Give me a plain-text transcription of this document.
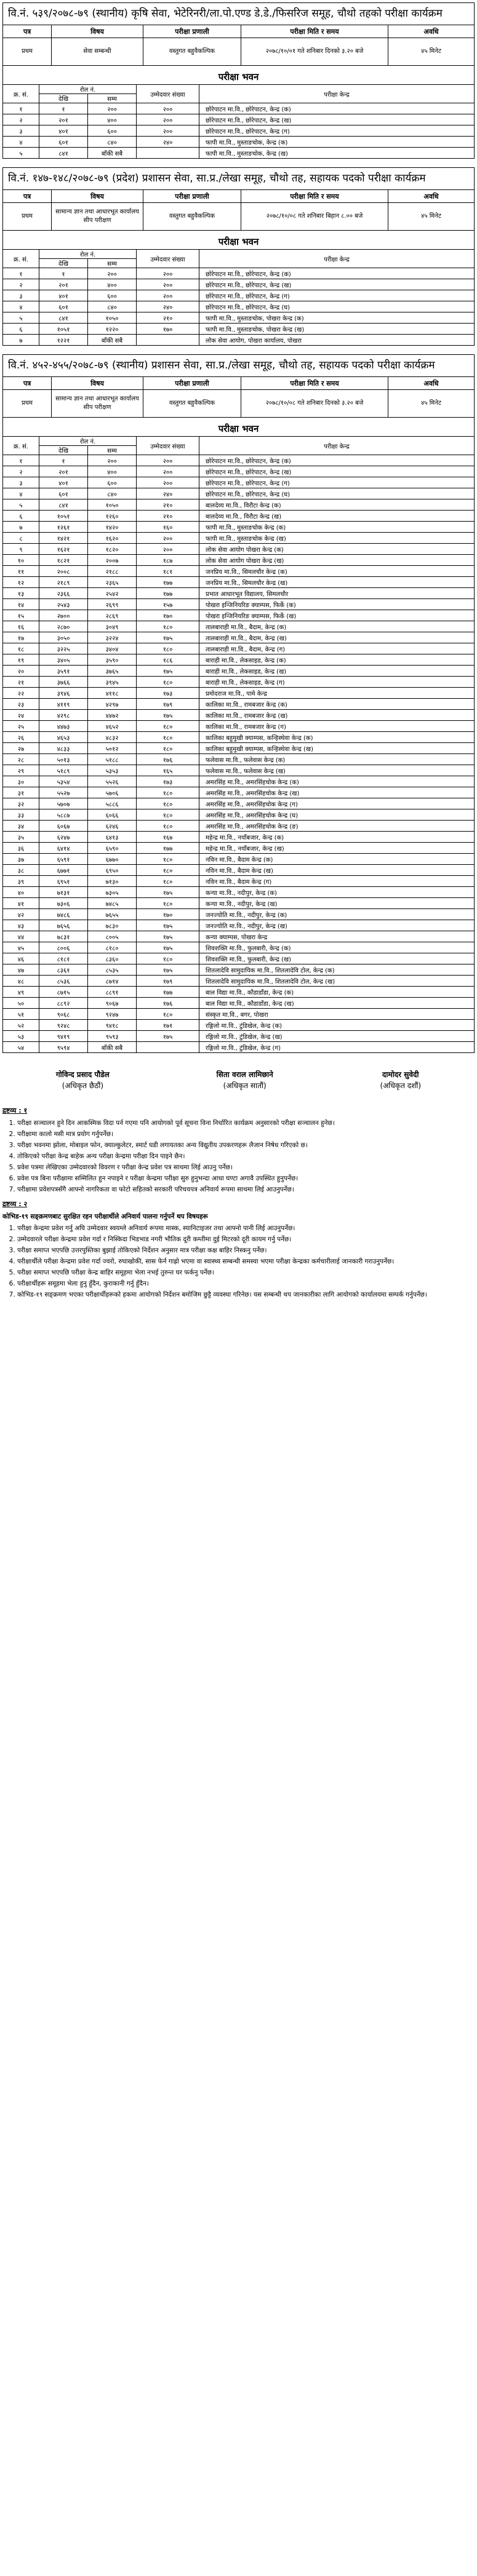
वि.नं. ५३९/२०७८-७९ (स्थानीय) कृषि सेवा, भेटेरिनरी/ला.पो.एण्ड डे.डे./फिसरिज समूह, चौथो तहको परीक्षा कार्यक्रम
पत्र	विषय	परीक्षा प्रणाली	परीक्षा मिति र समय	अवधि
प्रथम	सेवा सम्बन्धी	वस्तुगत बहुवैकल्पिक	२०७८/१०/०१ गते शनिबार दिनको ३.२० बजे	४५ मिनेट
परीक्षा भवन
क्र. सं.	रोल नं.		उम्मेदवार संख्या	परीक्षा केन्द्र
	देखि	सम्म		
१	१	२००	२००	छोरेपाटन मा.वि., छोरेपाटन, केन्द्र (क)
२	२०१	४००	२००	छोरेपाटन मा.वि., छोरेपाटन, केन्द्र (ख)
३	४०१	६००	२००	छोरेपाटन मा.वि., छोरेपाटन, केन्द्र (ग)
४	६०१	८४०	२४०	फापी मा.वि., मुस्ताङचोक, केन्द्र (क)
५	८४१	बाँकी सबै		फापी मा.वि., मुस्ताङचोक, केन्द्र (ख)
वि.नं. १४७-१४८/२०७८-७९ (प्रदेश) प्रशासन सेवा, सा.प्र./लेखा समूह, चौथो तह, सहायक पदको परीक्षा कार्यक्रम
पत्र	विषय	परीक्षा प्रणाली	परीक्षा मिति र समय	अवधि
प्रथम	सामान्य ज्ञान तथा आधारभूत कार्यालय सीप परीक्षण	वस्तुगत बहुवैकल्पिक	२०७८/१०/०८ गते शनिबार बिहान ८.०० बजे	४५ मिनेट
परीक्षा भवन
क्र. सं.	रोल नं.		उम्मेदवार संख्या	परीक्षा केन्द्र
	देखि	सम्म		
१	१	२००	२००	छोरेपाटन मा.वि., छोरेपाटन, केन्द्र (क)
२	२०१	४००	२००	छोरेपाटन मा.वि., छोरेपाटन, केन्द्र (ख)
३	४०१	६००	२००	छोरेपाटन मा.वि., छोरेपाटन, केन्द्र (ग)
४	६०१	८४०	२४०	छोरेपाटन मा.वि., छोरेपाटन, केन्द्र (घ)
५	८४१	१०५०	२१०	फापी मा.वि., मुस्ताङचोक, पोखरा केन्द्र (क)
६	१०५१	१२२०	१७०	फापी मा.वि., मुस्ताङचोक, पोखरा केन्द्र (ख)
७	१२२१	बाँकी सबै		लोक सेवा आयोग, पोखरा कार्यालय, पोखरा
वि.नं. ४५२-४५५/२०७८-७९ (स्थानीय) प्रशासन सेवा, सा.प्र./लेखा समूह, चौथो तह, सहायक पदको परीक्षा कार्यक्रम
पत्र	विषय	परीक्षा प्रणाली	परीक्षा मिति र समय	अवधि
प्रथम	सामान्य ज्ञान तथा आधारभूत कार्यालय सीप परीक्षण	वस्तुगत बहुवैकल्पिक	२०७८/१०/०८ गते शनिबार दिनको ३.२० बजे	४५ मिनेट
परीक्षा भवन
क्र. सं.	रोल नं.		उम्मेदवार संख्या	परीक्षा केन्द्र
	देखि	सम्म		
१	१	२००	२००	छोरेपाटन मा.वि., छोरेपाटन, केन्द्र (क)
२	२०१	४००	२००	छोरेपाटन मा.वि., छोरेपाटन, केन्द्र (ख)
३	४०१	६००	२००	छोरेपाटन मा.वि., छोरेपाटन, केन्द्र (ग)
४	६०१	८४०	२४०	छोरेपाटन मा.वि., छोरेपाटन, केन्द्र (घ)
५	८४१	१०५०	२१०	बालदेव्य मा.वि., विरौटा केन्द्र (क)
६	१०५१	१२६०	२१०	बालदेव्य मा.वि., विरौटा केन्द्र (ख)
७	१२६१	१४२०	१६०	फापी मा.वि., मुस्ताङचोक केन्द्र (क)
८	१४२१	१६२०	२००	फापी मा.वि., मुस्ताङचोक केन्द्र (ख)
९	१६२१	१८२०	२००	लोक सेवा आयोग पोखरा केन्द्र (क)
१०	१८२१	२००७	१८७	लोक सेवा आयोग पोखरा केन्द्र (ख)
११	२००८	२१८८	१८१	जनप्रिय मा.वि., सिमलचौर केन्द्र (क)
१२	२१८९	२३६५	१७७	जनप्रिय मा.वि., सिमलचौर केन्द्र (ख)
१३	२३६६	२५४२	१७७	प्रभात आधारभूत विद्यालय, सिमलचौर
१४	२५४३	२६९९	१५७	पोखरा इन्जिनियरिङ क्याम्पस, फिर्के (क)
१५	२७००	२८६९	१७०	पोखरा इन्जिनियरिङ क्याम्पस, फिर्के (ख)
१६	२८७०	३०४९	१८०	तालबाराही मा.वि., बैदाम, केन्द्र (क)
१७	३०५०	३२२४	१७५	तालबाराही मा.वि., बैदाम, केन्द्र (ख)
१८	३२२५	३४०४	१८०	तालबाराही मा.वि., बैदाम, केन्द्र (ग)
१९	३४०५	३५९०	१८६	बाराही मा.वि., लेकसाइड, केन्द्र (क)
२०	३५९१	३७६५	१७५	बाराही मा.वि., लेकसाइड, केन्द्र (ख)
२१	३७६६	३९४५	१८०	बाराही मा.वि., लेकसाइड, केन्द्र (ग)
२२	३९४६	४११८	१७३	प्रमोदराज मा.वि., पामे केन्द्र
२३	४११९	४२९७	१७९	कालिका मा.वि., रामबजार केन्द्र (क)
२४	४२९८	४४७२	१७५	कालिका मा.वि., रामबजार केन्द्र (ख)
२५	४४७३	४६५२	१८०	कालिका मा.वि., रामबजार केन्द्र (ग)
२६	४६५३	४८३२	१८०	कालिका बहुमुखी क्याम्पस, कन्हिस्थेवा केन्द्र (क)
२७	४८३३	५०१२	१८०	कालिका बहुमुखी क्याम्पस, कन्हिस्थेवा केन्द्र (ख)
२८	५०१३	५१८८	१७६	फलेवास मा.वि., फलेवास केन्द्र (क)
२९	५१८९	५३५३	१६५	फलेवास मा.वि., फलेवास केन्द्र (ख)
३०	५३५४	५५२६	१७३	अमरसिंह मा.वि., अमरसिंहचोक केन्द्र (क)
३१	५५२७	५७०६	१८०	अमरसिंह मा.वि., अमरसिंहचोक केन्द्र (ख)
३२	५७०७	५८८६	१८०	अमरसिंह मा.वि., अमरसिंहचोक केन्द्र (ग)
३३	५८८७	६०६६	१८०	अमरसिंह मा.वि., अमरसिंहचोक केन्द्र (घ)
३४	६०६७	६२४६	१८०	अमरसिंह मा.वि., अमरसिंहचोक केन्द्र (ङ)
३५	६२४७	६४१३	१६७	महेन्द्र मा.वि., नयाँबजार, केन्द्र (क)
३६	६४१४	६५९०	१७७	महेन्द्र मा.वि., नयाँबजार, केन्द्र (ख)
३७	६५९१	६७७०	१८०	नविन मा.वि., बैदाम केन्द्र (क)
३८	६७७१	६९५०	१८०	नविन मा.वि., बैदाम केन्द्र (ख)
३९	६९५१	७१३०	१८०	नविन मा.वि., बैदाम केन्द्र (ग)
४०	७१३१	७३०५	१७५	कन्या मा.वि., नदीपुर, केन्द्र (क)
४१	७३०६	७४८५	१८०	कन्या मा.वि., नदीपुर, केन्द्र (ख)
४२	७४८६	७६५५	१७०	जनज्योति मा.वि., नदीपुर, केन्द्र (क)
४३	७६५६	७८३०	१७५	जनज्योति मा.वि., नदीपुर, केन्द्र (ख)
४४	७८३१	८००५	१७५	कन्या क्याम्पस, पोखरा केन्द्र
४५	८००६	८१८०	१७५	शिवशक्ति मा.वि., फुलबारी, केन्द्र (क)
४६	८१८१	८३६०	१८०	शिवशक्ति मा.वि., फुलबारी, केन्द्र (ख)
४७	८३६१	८५३५	१७५	शितलादेवि सामुदायिक मा.वि., शितलादेवि टोल, केन्द्र (क)
४८	८५३६	८७१४	१७९	शितलादेवि सामुदायिक मा.वि., शितलादेवि टोल, केन्द्र (ख)
४९	८७१५	८८९१	१७७	बाल विद्या मा.वि., कौडाडाँडा, केन्द्र (क)
५०	८८९२	९०६७	१७६	बाल विद्या मा.वि., कौडाडाँडा, केन्द्र (ख)
५१	९०६८	९२४७	१८०	संस्कृत मा.वि., बगर, पोखरा
५२	९२४८	९४१८	१७१	रङ्गिलो मा.वि., टुंडिखेल, केन्द्र (क)
५३	९४१९	९५९३	१७५	रङ्गिलो मा.वि., टुंडिखेल, केन्द्र (ख)
५४	९५९४	बाँकी सबै		रङ्गिलो मा.वि., टुंडिखेल, केन्द्र (ग)
गोविन्द प्रसाद पौडेल
(अधिकृत छैठौं)
सिता वराल लामिछाने
(अधिकृत सातौं)
दामोदर सुवेदी
(अधिकृत दशौं)
द्रष्टव्य : १
1. परीक्षा सञ्चालन हुने दिन आकस्मिक विदा पर्न गएमा पनि आयोगको पूर्व सूचना विना निर्धारित कार्यक्रम अनुसारको परीक्षा सञ्चालन हुनेछ।
2. परीक्षामा कालो मसी मात्र प्रयोग गर्नुपर्नेछ।
3. परीक्षा भवनमा झोला, मोबाइल फोन, क्याल्कुलेटर, स्मार्ट घडी लगायतका अन्य विद्युतीय उपकरणहरू लैजान निषेध गरिएको छ।
4. तोकिएको परीक्षा केन्द्र बाहेक अन्य परीक्षा केन्द्रमा परीक्षा दिन पाइने छैन।
5. प्रवेश पत्रमा लेखिएका उम्मेदवारको विवरण र परीक्षा केन्द्र प्रवेश पत्र साथमा लिई आउनु पर्नेछ।
6. प्रवेश पत्र बिना परीक्षामा सम्मिलित हुन नपाइने र परीक्षा केन्द्रमा परीक्षा सुरु हुनुभन्दा आधा घण्टा अगावै उपस्थित हुनुपर्नेछ।
7. परीक्षामा प्रवेशपत्रसँगै आफ्नो नागरिकता वा फोटो सहितको सरकारी परिचयपत्र अनिवार्य रूपमा साथमा लिई आउनुपर्नेछ।
द्रष्टव्य : २
कोभिड-१९ सङ्क्रमणबाट सुरक्षित रहन परीक्षार्थीले अनिवार्य पालना गर्नुपर्ने थप विषयहरू
1. परीक्षा केन्द्रमा प्रवेश गर्नु अघि उम्मेदवार स्वयम्ले अनिवार्य रूपमा मास्क, स्यानिटाइजर तथा आफ्नो पानी लिई आउनुपर्नेछ।
2. उम्मेदवारले परीक्षा केन्द्रमा प्रवेश गर्दा र निस्किदा भिडभाड नगरी भौतिक दूरी कम्तीमा दुई मिटरको दूरी कायम गर्नु पर्नेछ।
3. परीक्षा समाप्त भएपछि उत्तरपुस्तिका बुझाई तोकिएको निर्देशन अनुसार मात्र परीक्षा कक्ष बाहिर निस्कनु पर्नेछ।
4. परीक्षार्थीले परीक्षा केन्द्रमा प्रवेश गर्दा ज्वरो, रुघाखोकी, सास फेर्न गाह्रो भएमा वा स्वास्थ्य सम्बन्धी समस्या भएमा परीक्षा केन्द्रका कर्मचारीलाई जानकारी गराउनुपर्नेछ।
5. परीक्षा समाप्त भएपछि परीक्षा केन्द्र बाहिर समूहमा भेला नभई तुरुन्त घर फर्कनु पर्नेछ।
6. परीक्षार्थीहरू समूहमा भेला हुनु हुँदैन, कुराकानी गर्नु हुँदैन।
7. कोभिड-१९ सङ्क्रमण भएका परीक्षार्थीहरूको हकमा आयोगको निर्देशन बमोजिम छुट्टै व्यवस्था गरिनेछ। यस सम्बन्धी थप जानकारीका लागि आयोगको कार्यालयमा सम्पर्क गर्नुपर्नेछ।
